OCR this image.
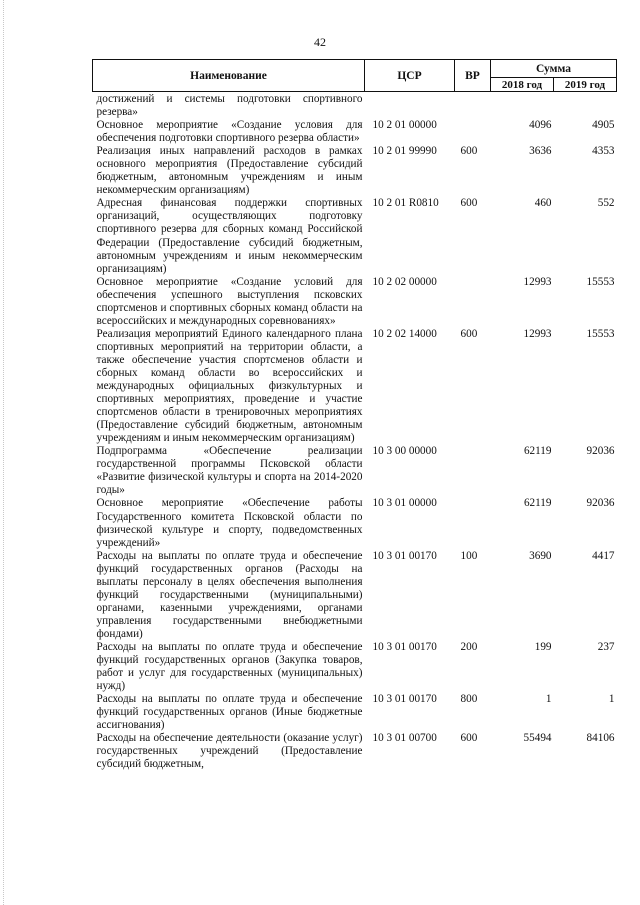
42
Наименование	ЦСР	ВР	Сумма	
			2018 год	2019 год
достижений и системы подготовки спортивного резерва»				
Основное мероприятие «Создание условия для обеспечения подготовки спортивного резерва области»	10 2 01 00000		4096	4905
Реализация иных направлений расходов в рамках основного мероприятия (Предоставление субсидий бюджетным, автономным учреждениям и иным некоммерческим организациям)	10 2 01 99990	600	3636	4353
Адресная финансовая поддержки спортивных организаций, осуществляющих подготовку спортивного резерва для сборных команд Российской Федерации (Предоставление субсидий бюджетным, автономным учреждениям и иным некоммерческим организациям)	10 2 01 R0810	600	460	552
Основное мероприятие «Создание условий для обеспечения успешного выступления псковских спортсменов и спортивных сборных команд области на всероссийских и международных соревнованиях»	10 2 02 00000		12993	15553
Реализация мероприятий Единого календарного плана спортивных мероприятий на территории области, а также обеспечение участия спортсменов области и сборных команд области во всероссийских и международных официальных физкультурных и спортивных мероприятиях, проведение и участие спортсменов области в тренировочных мероприятиях (Предоставление субсидий бюджетным, автономным учреждениям и иным некоммерческим организациям)	10 2 02 14000	600	12993	15553
Подпрограмма «Обеспечение реализации государственной программы Псковской области «Развитие физической культуры и спорта на 2014-2020 годы»	10 3 00 00000		62119	92036
Основное мероприятие «Обеспечение работы Государственного комитета Псковской области по физической культуре и спорту, подведомственных учреждений»	10 3 01 00000		62119	92036
Расходы на выплаты по оплате труда и обеспечение функций государственных органов (Расходы на выплаты персоналу в целях обеспечения выполнения функций государственными (муниципальными) органами, казенными учреждениями, органами управления государственными внебюджетными фондами)	10 3 01 00170	100	3690	4417
Расходы на выплаты по оплате труда и обеспечение функций государственных органов (Закупка товаров, работ и услуг для государственных (муниципальных) нужд)	10 3 01 00170	200	199	237
Расходы на выплаты по оплате труда и обеспечение функций государственных органов (Иные бюджетные ассигнования)	10 3 01 00170	800	1	1
Расходы на обеспечение деятельности (оказание услуг) государственных учреждений (Предоставление субсидий бюджетным,	10 3 01 00700	600	55494	84106
